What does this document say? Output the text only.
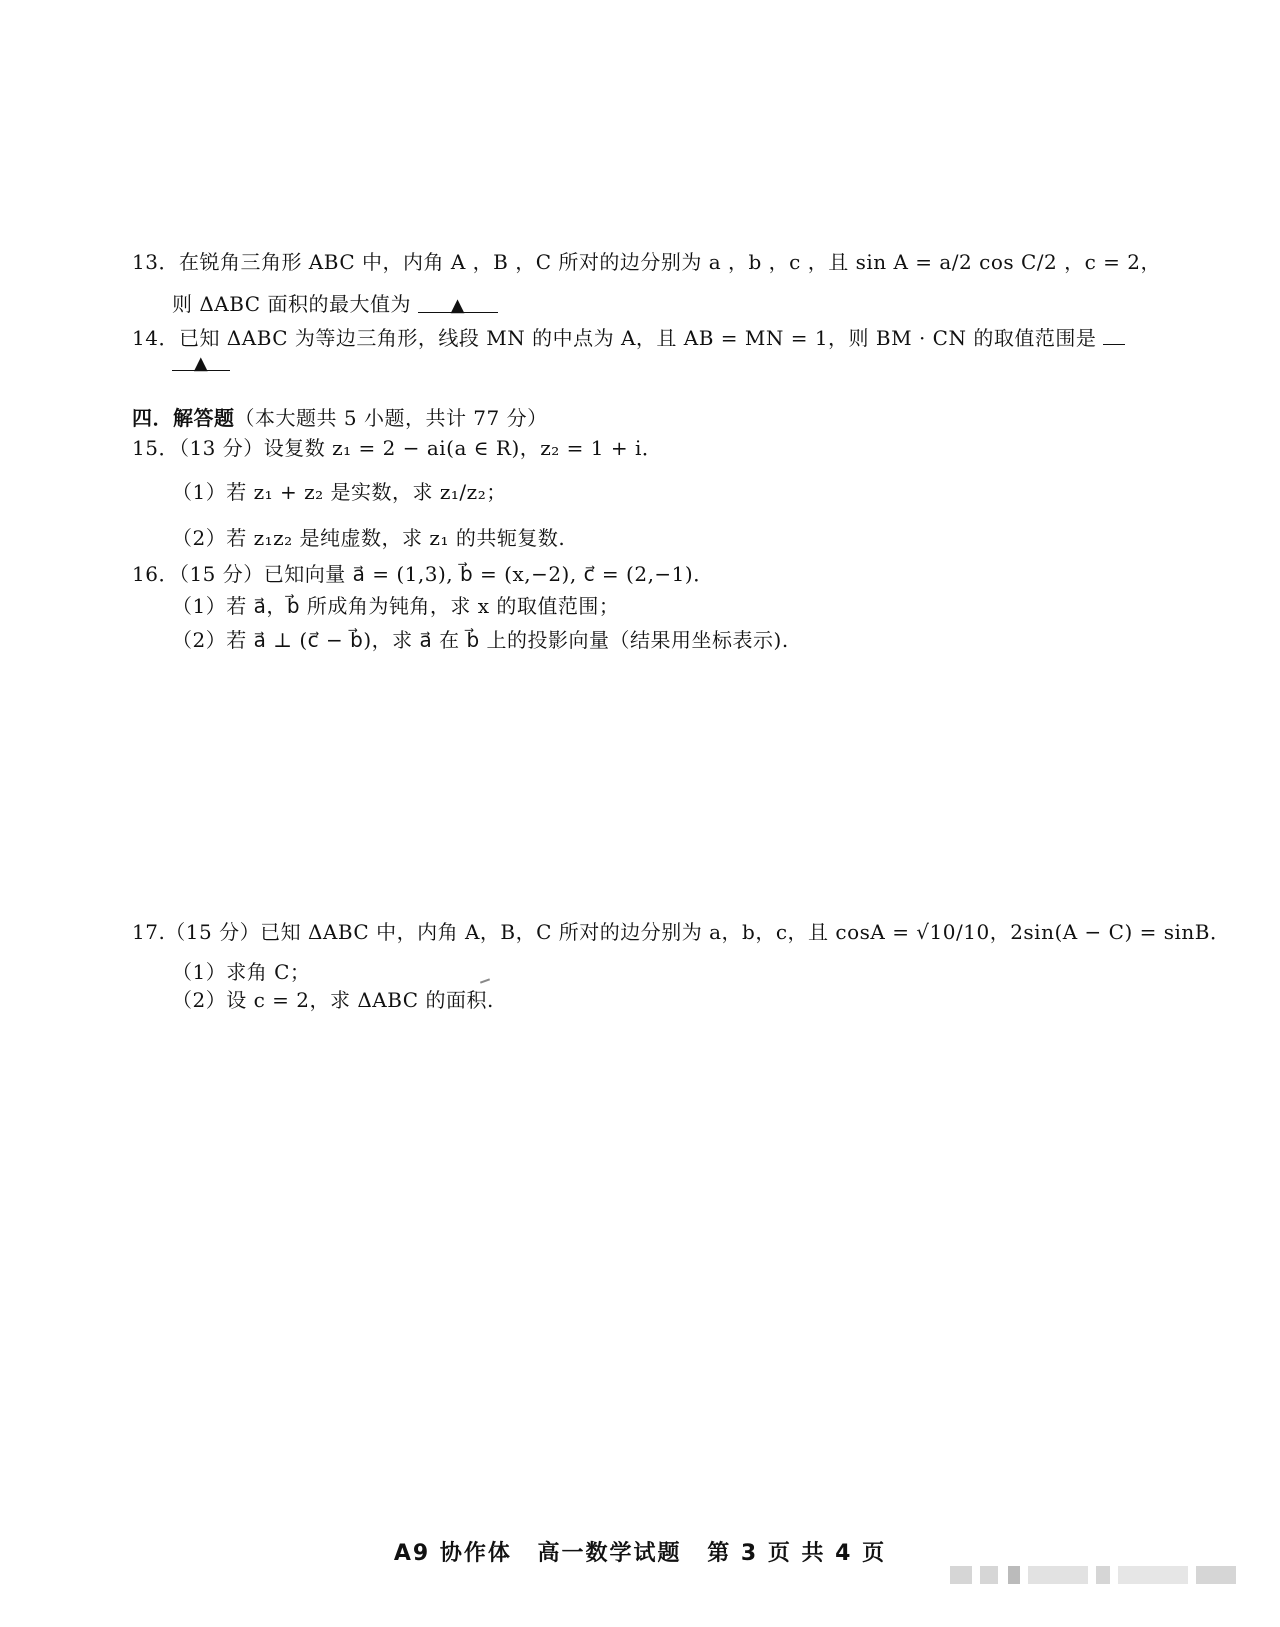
13．在锐角三角形 ABC 中，内角 A ，B ，C 所对的边分别为 a ，b ，c ，且 sin A = a/2 cos C/2 ，c = 2，
则 ΔABC 面积的最大值为 ▲
14．已知 ΔABC 为等边三角形，线段 MN 的中点为 A，且 AB = MN = 1，则 BM · CN 的取值范围是
▲
四．解答题（本大题共 5 小题，共计 77 分）
15．（13 分）设复数 z₁ = 2 − ai(a ∈ R)，z₂ = 1 + i．
（1）若 z₁ + z₂ 是实数，求 z₁/z₂；
（2）若 z₁z₂ 是纯虚数，求 z₁ 的共轭复数.
16．（15 分）已知向量 a⃗ = (1,3), b⃗ = (x,−2), c⃗ = (2,−1)．
（1）若 a⃗，b⃗ 所成角为钝角，求 x 的取值范围；
（2）若 a⃗ ⊥ (c⃗ − b⃗)，求 a⃗ 在 b⃗ 上的投影向量（结果用坐标表示).
17.（15 分）已知 ΔABC 中，内角 A，B，C 所对的边分别为 a，b，c，且 cosA = √10/10，2sin(A − C) = sinB．
（1）求角 C；
（2）设 c = 2，求 ΔABC 的面积.
A9 协作体 高一数学试题 第 3 页 共 4 页
